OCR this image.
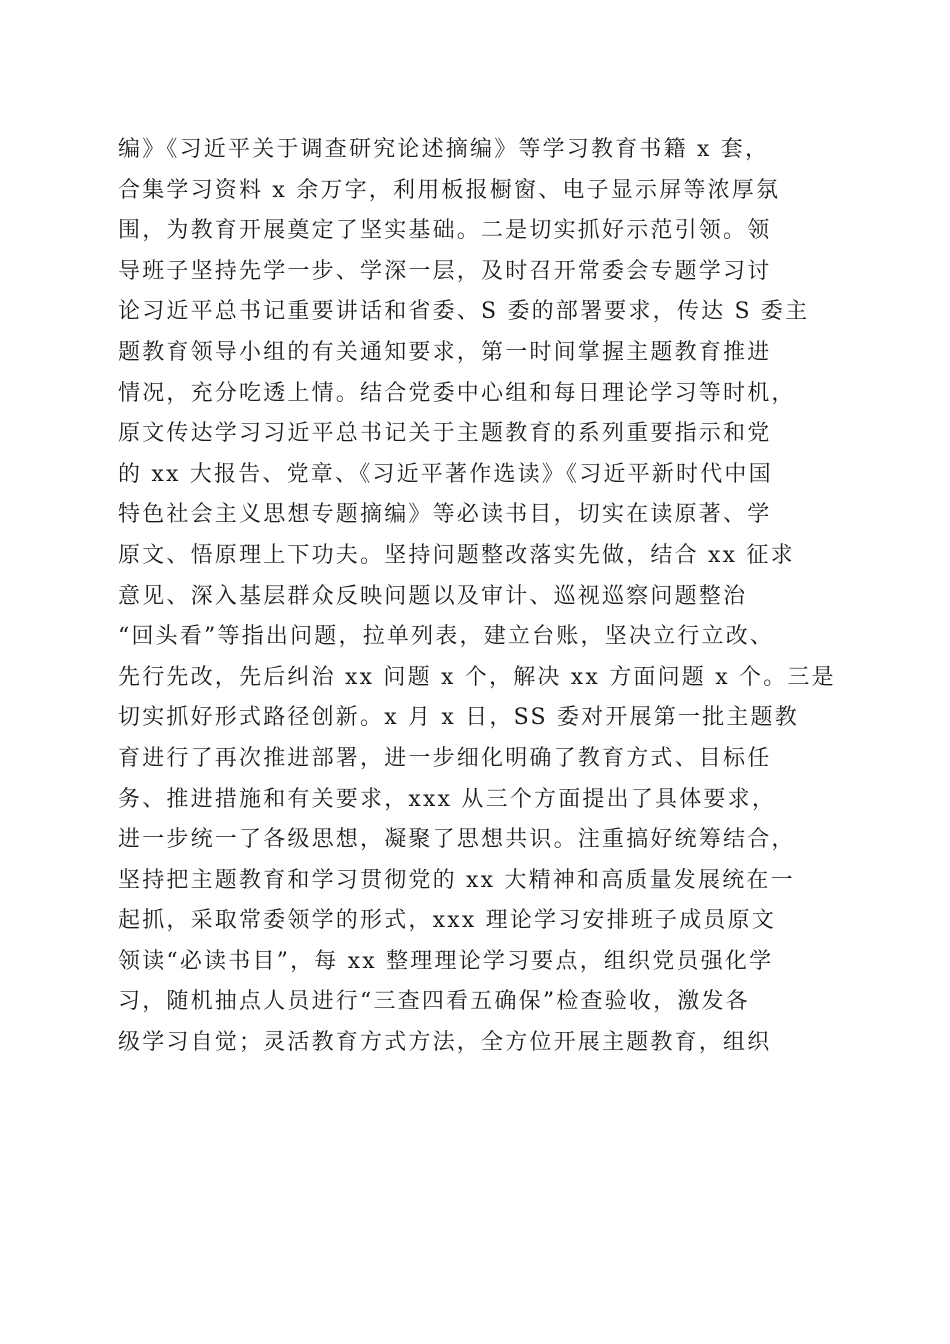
编》《习近平关于调查研究论述摘编》等学习教育书籍 x 套，
合集学习资料 x 余万字，利用板报橱窗、电子显示屏等浓厚氛
围，为教育开展奠定了坚实基础。二是切实抓好示范引领。领
导班子坚持先学一步、学深一层，及时召开常委会专题学习讨
论习近平总书记重要讲话和省委、S 委的部署要求，传达 S 委主
题教育领导小组的有关通知要求，第一时间掌握主题教育推进
情况，充分吃透上情。结合党委中心组和每日理论学习等时机，
原文传达学习习近平总书记关于主题教育的系列重要指示和党
的 xx 大报告、党章、《习近平著作选读》《习近平新时代中国
特色社会主义思想专题摘编》等必读书目，切实在读原著、学
原文、悟原理上下功夫。坚持问题整改落实先做，结合 xx 征求
意见、深入基层群众反映问题以及审计、巡视巡察问题整治
“回头看”等指出问题，拉单列表，建立台账，坚决立行立改、
先行先改，先后纠治 xx 问题 x 个，解决 xx 方面问题 x 个。三是
切实抓好形式路径创新。x 月 x 日，SS 委对开展第一批主题教
育进行了再次推进部署，进一步细化明确了教育方式、目标任
务、推进措施和有关要求，xxx 从三个方面提出了具体要求，
进一步统一了各级思想，凝聚了思想共识。注重搞好统筹结合，
坚持把主题教育和学习贯彻党的 xx 大精神和高质量发展统在一
起抓，采取常委领学的形式，xxx 理论学习安排班子成员原文
领读“必读书目”，每 xx 整理理论学习要点，组织党员强化学
习，随机抽点人员进行“三查四看五确保”检查验收，激发各
级学习自觉；灵活教育方式方法，全方位开展主题教育，组织
